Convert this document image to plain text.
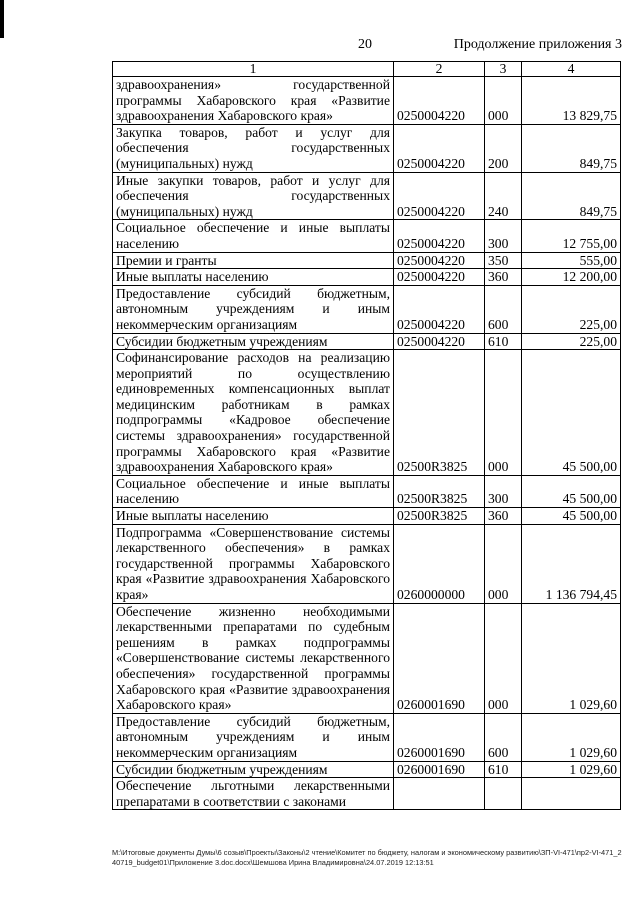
20	Продолжение приложения 3
1	2	3	4
здравоохранения» государственной программы Хабаровского края «Развитие здравоохранения Хабаровского края»	0250004220	000	13 829,75
Закупка товаров, работ и услуг для обеспечения государственных (муниципальных) нужд	0250004220	200	849,75
Иные закупки товаров, работ и услуг для обеспечения государственных (муниципальных) нужд	0250004220	240	849,75
Социальное обеспечение и иные выплаты населению	0250004220	300	12 755,00
Премии и гранты	0250004220	350	555,00
Иные выплаты населению	0250004220	360	12 200,00
Предоставление субсидий бюджетным, автономным учреждениям и иным некоммерческим организациям	0250004220	600	225,00
Субсидии бюджетным учреждениям	0250004220	610	225,00
Софинансирование расходов на реализацию мероприятий по осуществлению единовременных компенсационных выплат медицинским работникам в рамках подпрограммы «Кадровое обеспечение системы здравоохранения» государственной программы Хабаровского края «Развитие здравоохранения Хабаровского края»	02500R3825	000	45 500,00
Социальное обеспечение и иные выплаты населению	02500R3825	300	45 500,00
Иные выплаты населению	02500R3825	360	45 500,00
Подпрограмма «Совершенствование системы лекарственного обеспечения» в рамках государственной программы Хабаровского края «Развитие здравоохранения Хабаровского края»	0260000000	000	1 136 794,45
Обеспечение жизненно необходимыми лекарственными препаратами по судебным решениям в рамках подпрограммы «Совершенствование системы лекарственного обеспечения» государственной программы Хабаровского края «Развитие здравоохранения Хабаровского края»	0260001690	000	1 029,60
Предоставление субсидий бюджетным, автономным учреждениям и иным некоммерческим организациям	0260001690	600	1 029,60
Субсидии бюджетным учреждениям	0260001690	610	1 029,60
Обеспечение льготными лекарственными препаратами в соответствии с законами			
M:\Итоговые документы Думы\6 созыв\Проекты\Законы\2 чтение\Комитет по бюджету, налогам и экономическому развитию\ЗП-VI-471\пр2-VI-471_240719_budget01\Приложение 3.doc.docx\Шемшова Ирина Владимировна\24.07.2019 12:13:51
